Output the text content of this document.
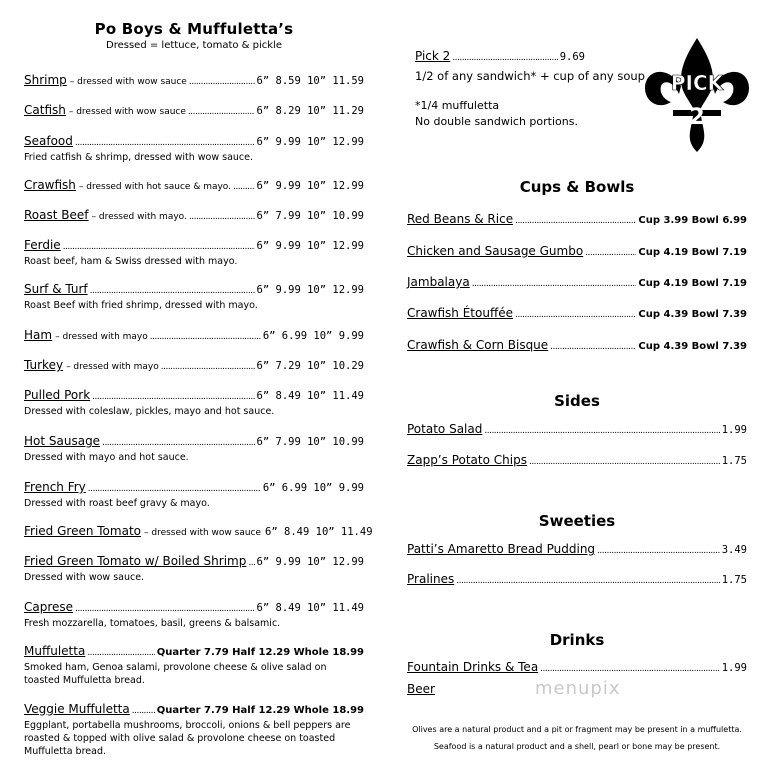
Po Boys & Muffuletta’s
Dressed = lettuce, tomato & pickle
Shrimp – dressed with wow sauce .....	6” 8.59 10” 11.59
Catfish – dressed with wow sauce .....	6” 8.29 10” 11.29
Seafood .....	6” 9.99 10” 12.99
Fried catfish & shrimp, dressed with wow sauce.
Crawfish – dressed with hot sauce & mayo. ..... 6” 9.99 10” 12.99
Roast Beef – dressed with mayo. .....	6” 7.99 10” 10.99
Ferdie .....	6” 9.99 10” 12.99
Roast beef, ham & Swiss dressed with mayo.
Surf & Turf .....	6” 9.99 10” 12.99
Roast Beef with fried shrimp, dressed with mayo.
Ham – dressed with mayo .....	6” 6.99 10” 9.99
Turkey – dressed with mayo .....	6” 7.29 10” 10.29
Pulled Pork .....	6” 8.49 10” 11.49
Dressed with coleslaw, pickles, mayo and hot sauce.
Hot Sausage .....	6” 7.99 10” 10.99
Dressed with mayo and hot sauce.
French Fry .....	6” 6.99 10” 9.99
Dressed with roast beef gravy & mayo.
Fried Green Tomato – dressed with wow sauce 6” 8.49 10” 11.49
Fried Green Tomato w/ Boiled Shrimp ..... 6” 9.99 10” 12.99
Dressed with wow sauce.
Caprese .....	6” 8.49 10” 11.49
Fresh mozzarella, tomatoes, basil, greens & balsamic.
Muffuletta .....	Quarter 7.79 Half 12.29 Whole 18.99
Smoked ham, Genoa salami, provolone cheese & olive salad on toasted Muffuletta bread.
Veggie Muffuletta .....	Quarter 7.79 Half 12.29 Whole 18.99
Eggplant, portabella mushrooms, broccoli, onions & bell peppers are roasted & topped with olive salad & provolone cheese on toasted Muffuletta bread.
Pick 2 .....	9.69
1/2 of any sandwich* + cup of any soup
*1/4 muffuletta
No double sandwich portions.
PICK
2
Cups & Bowls
Red Beans & Rice .....	Cup 3.99 Bowl 6.99
Chicken and Sausage Gumbo .....	Cup 4.19 Bowl 7.19
Jambalaya .....	Cup 4.19 Bowl 7.19
Crawfish Étouffée .....	Cup 4.39 Bowl 7.39
Crawfish & Corn Bisque .....	Cup 4.39 Bowl 7.39
Sides
Potato Salad .....	1.99
Zapp’s Potato Chips .....	1.75
Sweeties
Patti’s Amaretto Bread Pudding .....	3.49
Pralines .....	1.75
Drinks
Fountain Drinks & Tea .....	1.99
Beer
Olives are a natural product and a pit or fragment may be present in a muffuletta.
Seafood is a natural product and a shell, pearl or bone may be present.
menupix
